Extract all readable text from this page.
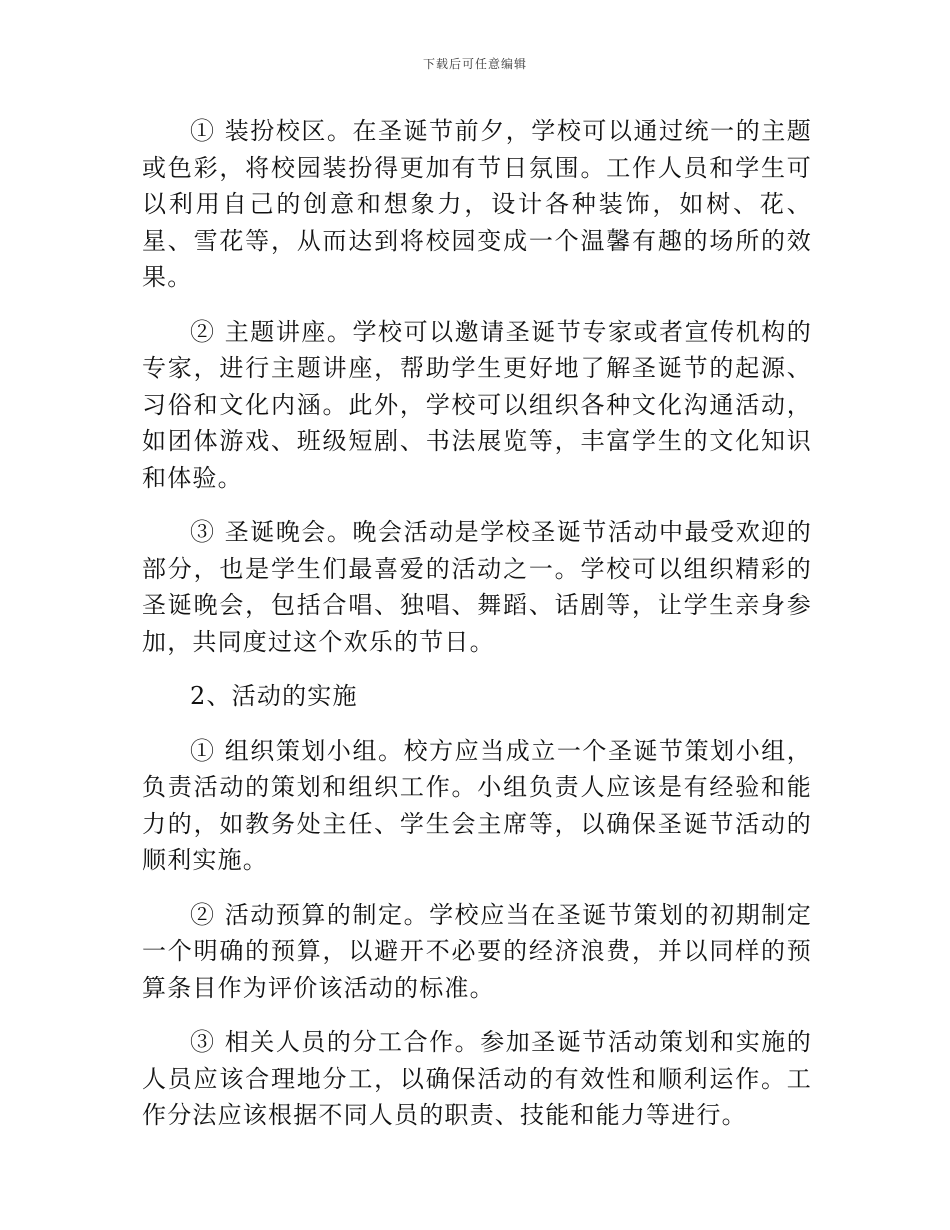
下载后可任意编辑

① 装扮校区。在圣诞节前夕，学校可以通过统一的主题或色彩，将校园装扮得更加有节日氛围。工作人员和学生可以利用自己的创意和想象力，设计各种装饰，如树、花、星、雪花等，从而达到将校园变成一个温馨有趣的场所的效果。

② 主题讲座。学校可以邀请圣诞节专家或者宣传机构的专家，进行主题讲座，帮助学生更好地了解圣诞节的起源、习俗和文化内涵。此外，学校可以组织各种文化沟通活动，如团体游戏、班级短剧、书法展览等，丰富学生的文化知识和体验。

③ 圣诞晚会。晚会活动是学校圣诞节活动中最受欢迎的部分，也是学生们最喜爱的活动之一。学校可以组织精彩的圣诞晚会，包括合唱、独唱、舞蹈、话剧等，让学生亲身参加，共同度过这个欢乐的节日。

2、活动的实施

① 组织策划小组。校方应当成立一个圣诞节策划小组，负责活动的策划和组织工作。小组负责人应该是有经验和能力的，如教务处主任、学生会主席等，以确保圣诞节活动的顺利实施。

② 活动预算的制定。学校应当在圣诞节策划的初期制定一个明确的预算，以避开不必要的经济浪费，并以同样的预算条目作为评价该活动的标准。

③ 相关人员的分工合作。参加圣诞节活动策划和实施的人员应该合理地分工，以确保活动的有效性和顺利运作。工作分法应该根据不同人员的职责、技能和能力等进行。
